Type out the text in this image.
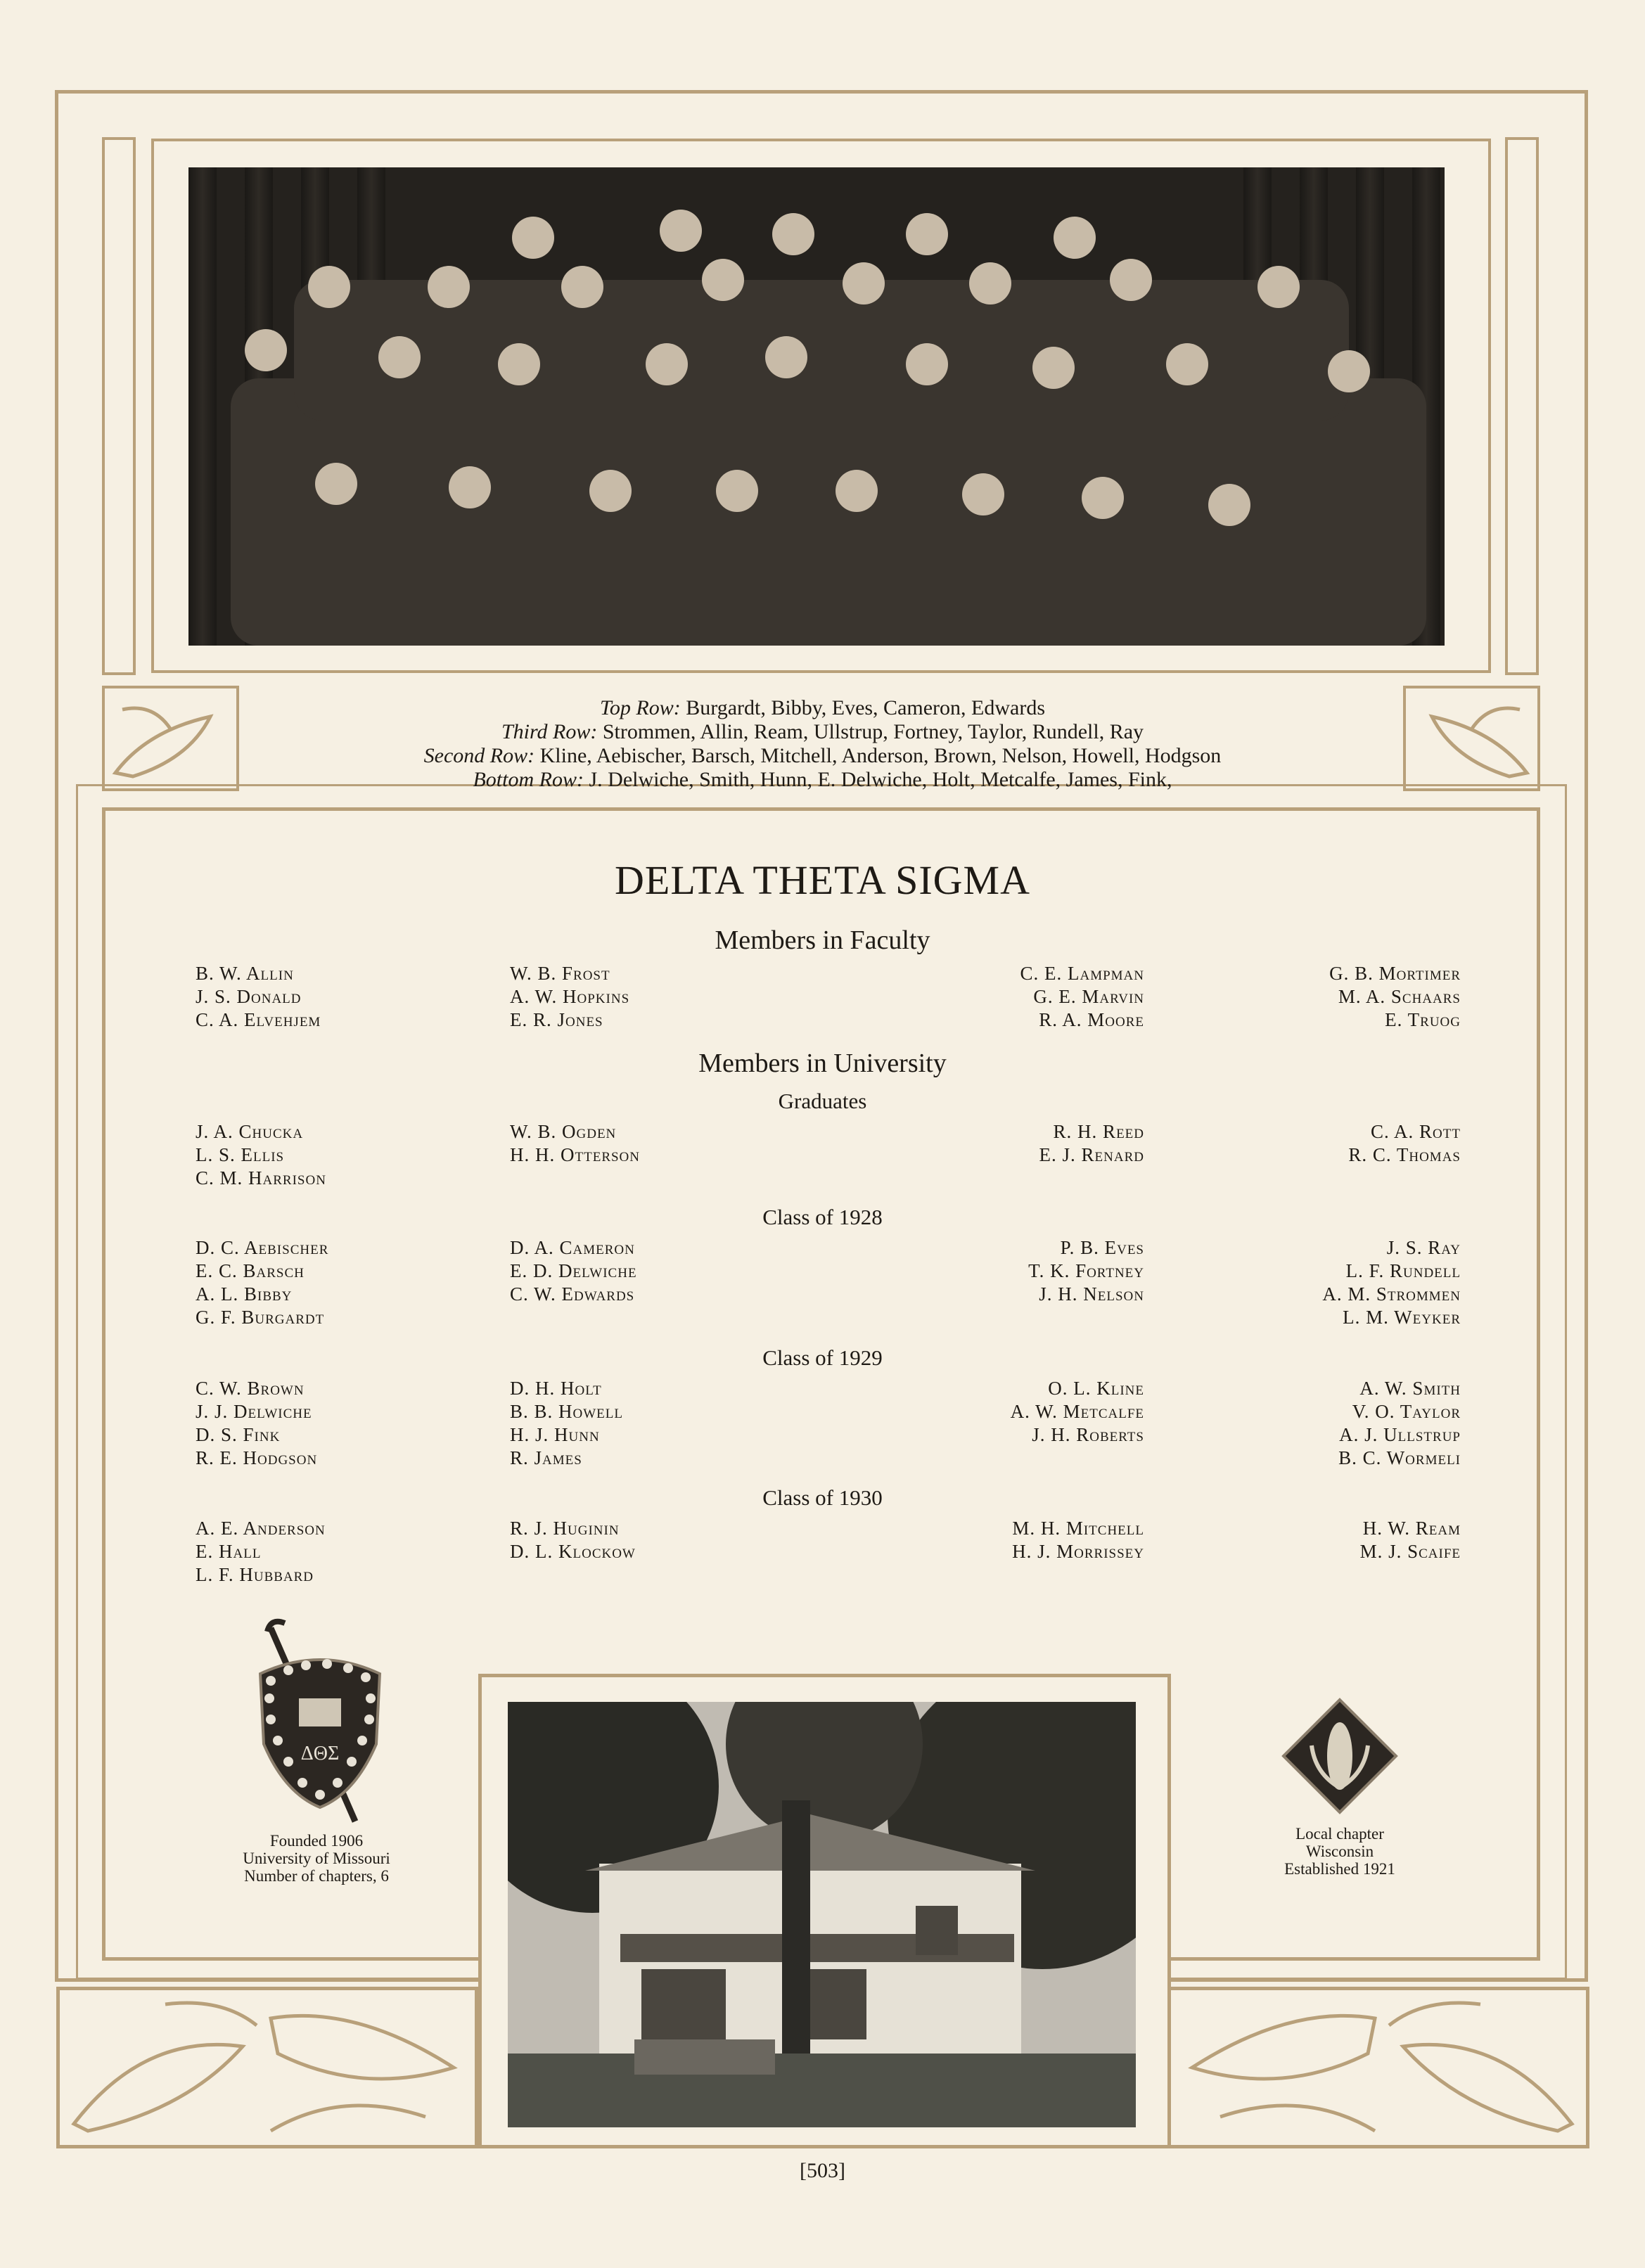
Top Row: Burgardt, Bibby, Eves, Cameron, Edwards
Third Row: Strommen, Allin, Ream, Ullstrup, Fortney, Taylor, Rundell, Ray
Second Row: Kline, Aebischer, Barsch, Mitchell, Anderson, Brown, Nelson, Howell, Hodgson
Bottom Row: J. Delwiche, Smith, Hunn, E. Delwiche, Holt, Metcalfe, James, Fink,
DELTA THETA SIGMA
Members in Faculty
B. W. Allin
J. S. Donald
C. A. Elvehjem
W. B. Frost
A. W. Hopkins
E. R. Jones
C. E. Lampman
G. E. Marvin
R. A. Moore
G. B. Mortimer
M. A. Schaars
E. Truog
Members in University
Graduates
J. A. Chucka
L. S. Ellis
C. M. Harrison
W. B. Ogden
H. H. Otterson
R. H. Reed
E. J. Renard
C. A. Rott
R. C. Thomas
Class of 1928
D. C. Aebischer
E. C. Barsch
A. L. Bibby
G. F. Burgardt
D. A. Cameron
E. D. Delwiche
C. W. Edwards
P. B. Eves
T. K. Fortney
J. H. Nelson
J. S. Ray
L. F. Rundell
A. M. Strommen
L. M. Weyker
Class of 1929
C. W. Brown
J. J. Delwiche
D. S. Fink
R. E. Hodgson
D. H. Holt
B. B. Howell
H. J. Hunn
R. James
O. L. Kline
A. W. Metcalfe
J. H. Roberts
A. W. Smith
V. O. Taylor
A. J. Ullstrup
B. C. Wormeli
Class of 1930
A. E. Anderson
E. Hall
L. F. Hubbard
R. J. Huginin
D. L. Klockow
M. H. Mitchell
H. J. Morrissey
H. W. Ream
M. J. Scaife
ΔΘΣ
Founded 1906
University of Missouri
Number of chapters, 6
Local chapter
Wisconsin
Established 1921
[503]
